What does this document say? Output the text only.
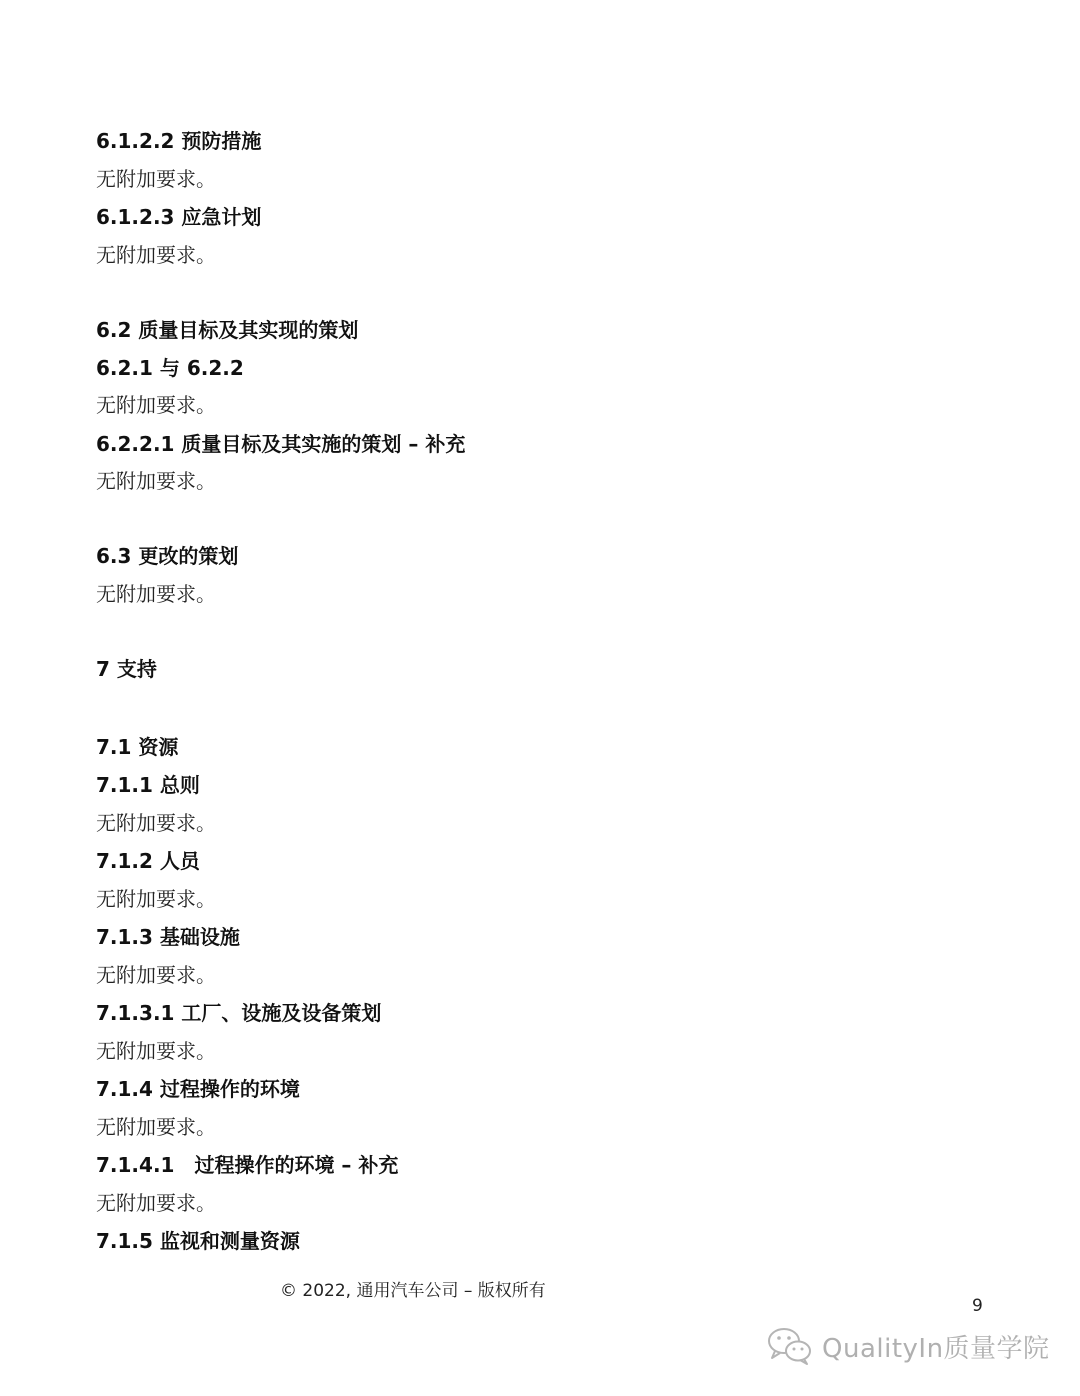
6.1.2.2 预防措施
无附加要求。
6.1.2.3 应急计划
无附加要求。
6.2 质量目标及其实现的策划
6.2.1 与 6.2.2
无附加要求。
6.2.2.1 质量目标及其实施的策划 – 补充
无附加要求。
6.3 更改的策划
无附加要求。
7 支持
7.1 资源
7.1.1 总则
无附加要求。
7.1.2 人员
无附加要求。
7.1.3 基础设施
无附加要求。
7.1.3.1 工厂、设施及设备策划
无附加要求。
7.1.4 过程操作的环境
无附加要求。
7.1.4.1　过程操作的环境 – 补充
无附加要求。
7.1.5 监视和测量资源
© 2022, 通用汽车公司 – 版权所有
9
QualityIn质量学院
